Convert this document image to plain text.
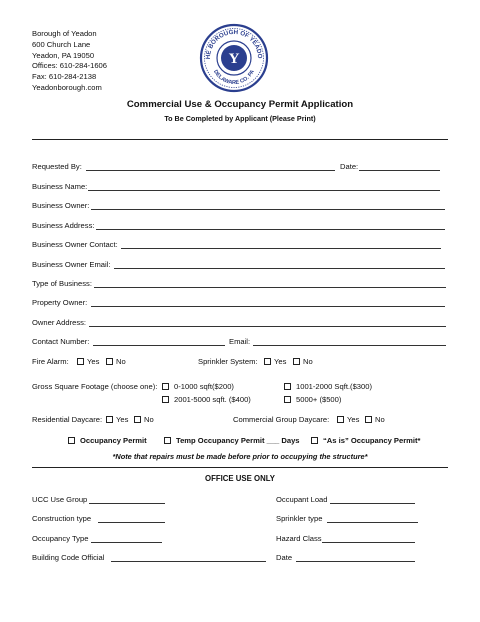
Borough of Yeadon
600 Church Lane
Yeadon, PA 19050
Offices: 610-284-1606
Fax: 610-284-2138
Yeadonborough.com
HE BOROUGH OF YEADO
DELAWARE CO. PA
Y
Commercial Use & Occupancy Permit Application
To Be Completed by Applicant (Please Print)
Requested By:	Date:
Business Name:
Business Owner:
Business Address:
Business Owner Contact:
Business Owner Email:
Type of Business:
Property Owner:
Owner Address:
Contact Number:	Email:
Fire Alarm:	Yes	No	Sprinkler System:	Yes	No
Gross Square Footage (choose one):	0-1000 sqft($200)	1001-2000 Sqft.($300)
2001-5000 sqft. ($400)	5000+ ($500)
Residential Daycare:	Yes	No	Commercial Group Daycare:	Yes	No
Occupancy Permit	Temp Occupancy Permit ___ Days	“As is” Occupancy Permit*
*Note that repairs must be made before prior to occupying the structure*
OFFICE USE ONLY
UCC Use Group	Occupant Load
Construction type	Sprinkler type
Occupancy Type	Hazard Class
Building Code Official	Date
